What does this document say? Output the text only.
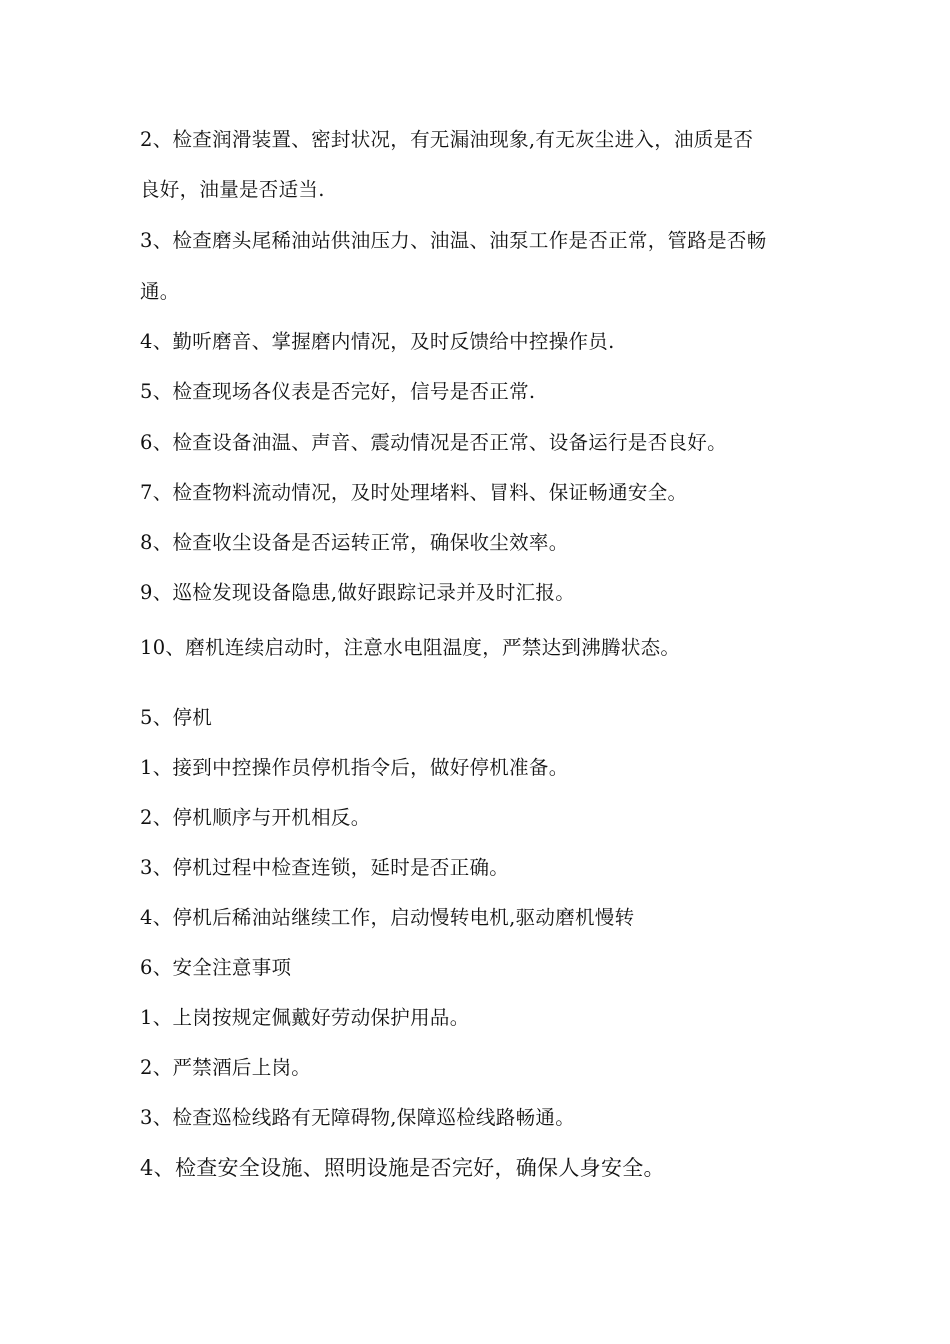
2、检查润滑装置、密封状况，有无漏油现象,有无灰尘进入，油质是否
良好，油量是否适当.
3、检查磨头尾稀油站供油压力、油温、油泵工作是否正常，管路是否畅
通。
4、勤听磨音、掌握磨内情况，及时反馈给中控操作员.
5、检查现场各仪表是否完好，信号是否正常.
6、检查设备油温、声音、震动情况是否正常、设备运行是否良好。
7、检查物料流动情况，及时处理堵料、冒料、保证畅通安全。
8、检查收尘设备是否运转正常，确保收尘效率。
9、巡检发现设备隐患,做好跟踪记录并及时汇报。
10、磨机连续启动时，注意水电阻温度，严禁达到沸腾状态。
5、停机
1、接到中控操作员停机指令后，做好停机准备。
2、停机顺序与开机相反。
3、停机过程中检查连锁，延时是否正确。
4、停机后稀油站继续工作，启动慢转电机,驱动磨机慢转
6、安全注意事项
1、上岗按规定佩戴好劳动保护用品。
2、严禁酒后上岗。
3、检查巡检线路有无障碍物,保障巡检线路畅通。
4、检查安全设施、照明设施是否完好，确保人身安全。
